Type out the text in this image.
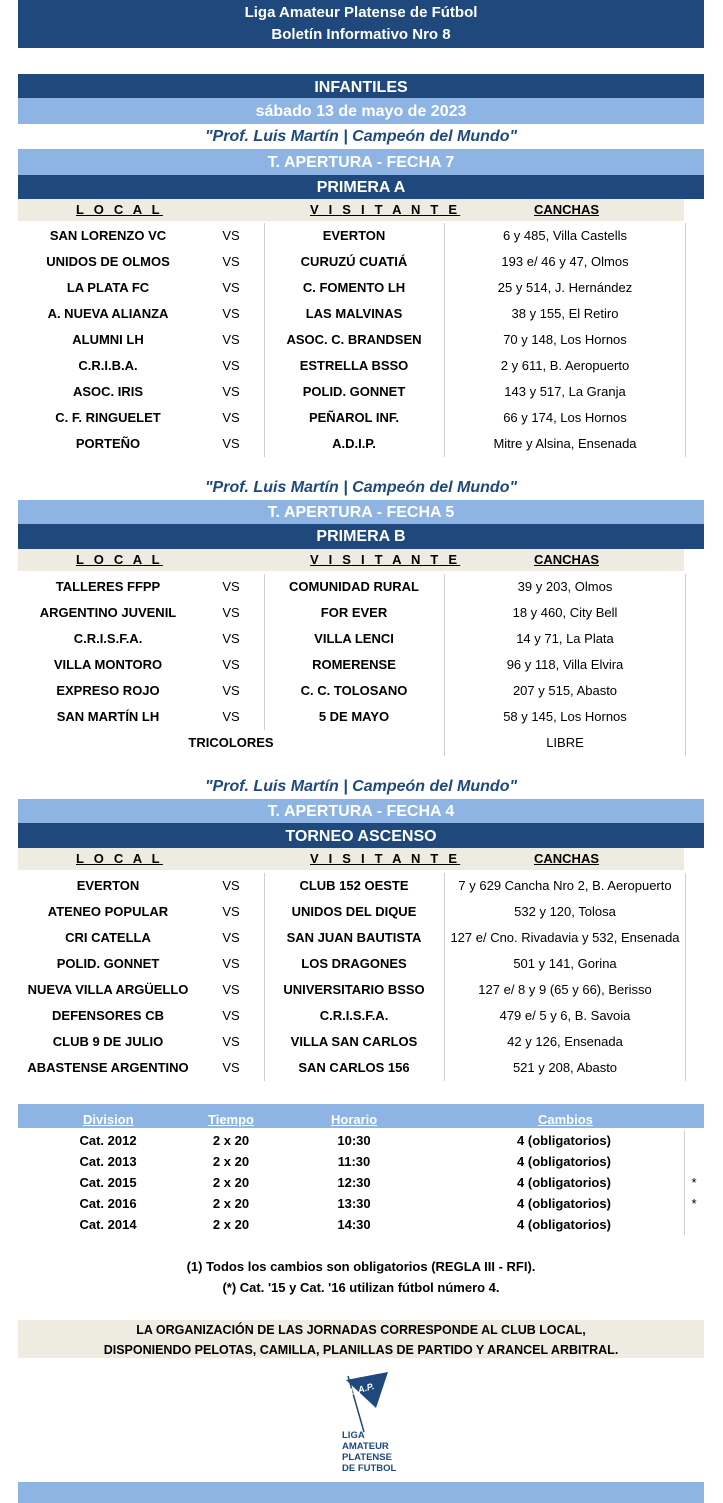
Liga Amateur Platense de Fútbol
Boletín Informativo Nro 8
INFANTILES
sábado 13 de mayo de 2023
"Prof. Luis Martín | Campeón del Mundo"
T. APERTURA - FECHA 7
PRIMERA A
L O C A L	V I S I T A N T E	CANCHAS
SAN LORENZO VC	VS	EVERTON	6 y 485, Villa Castells
UNIDOS DE OLMOS	VS	CURUZÚ CUATIÁ	193 e/ 46 y 47, Olmos
LA PLATA FC	VS	C. FOMENTO LH	25 y 514, J. Hernández
A. NUEVA ALIANZA	VS	LAS MALVINAS	38 y 155, El Retiro
ALUMNI LH	VS	ASOC. C. BRANDSEN	70 y 148, Los Hornos
C.R.I.B.A.	VS	ESTRELLA BSSO	2 y 611, B. Aeropuerto
ASOC. IRIS	VS	POLID. GONNET	143 y 517, La Granja
C. F. RINGUELET	VS	PEÑAROL INF.	66 y 174, Los Hornos
PORTEÑO	VS	A.D.I.P.	Mitre y Alsina, Ensenada
"Prof. Luis Martín | Campeón del Mundo"
T. APERTURA - FECHA 5
PRIMERA B
L O C A L	V I S I T A N T E	CANCHAS
TALLERES FFPP	VS	COMUNIDAD RURAL	39 y 203, Olmos
ARGENTINO JUVENIL	VS	FOR EVER	18 y 460, City Bell
C.R.I.S.F.A.	VS	VILLA LENCI	14 y 71, La Plata
VILLA MONTORO	VS	ROMERENSE	96 y 118, Villa Elvira
EXPRESO ROJO	VS	C. C. TOLOSANO	207 y 515, Abasto
SAN MARTÍN LH	VS	5 DE MAYO	58 y 145, Los Hornos
TRICOLORES	LIBRE
"Prof. Luis Martín | Campeón del Mundo"
T. APERTURA - FECHA 4
TORNEO ASCENSO
L O C A L	V I S I T A N T E	CANCHAS
EVERTON	VS	CLUB 152 OESTE	7 y 629 Cancha Nro 2, B. Aeropuerto
ATENEO POPULAR	VS	UNIDOS DEL DIQUE	532 y 120, Tolosa
CRI CATELLA	VS	SAN JUAN BAUTISTA	127 e/ Cno. Rivadavia y 532, Ensenada
POLID. GONNET	VS	LOS DRAGONES	501 y 141, Gorina
NUEVA VILLA ARGÜELLO	VS	UNIVERSITARIO BSSO	127 e/ 8 y 9 (65 y 66), Berisso
DEFENSORES CB	VS	C.R.I.S.F.A.	479 e/ 5 y 6, B. Savoia
CLUB 9 DE JULIO	VS	VILLA SAN CARLOS	42 y 126, Ensenada
ABASTENSE ARGENTINO	VS	SAN CARLOS 156	521 y 208, Abasto
Division	Tiempo	Horario	Cambios
Cat. 2012	2 x 20	10:30	4 (obligatorios)
Cat. 2013	2 x 20	11:30	4 (obligatorios)
Cat. 2015	2 x 20	12:30	4 (obligatorios)	*
Cat. 2016	2 x 20	13:30	4 (obligatorios)	*
Cat. 2014	2 x 20	14:30	4 (obligatorios)
(1) Todos los cambios son obligatorios (REGLA III - RFI).
(*) Cat. '15 y Cat. '16 utilizan fútbol número 4.
LA ORGANIZACIÓN DE LAS JORNADAS CORRESPONDE AL CLUB LOCAL,
DISPONIENDO PELOTAS, CAMILLA, PLANILLAS DE PARTIDO Y ARANCEL ARBITRAL.
L.A.P.
LIGA
AMATEUR
PLATENSE
DE FUTBOL
